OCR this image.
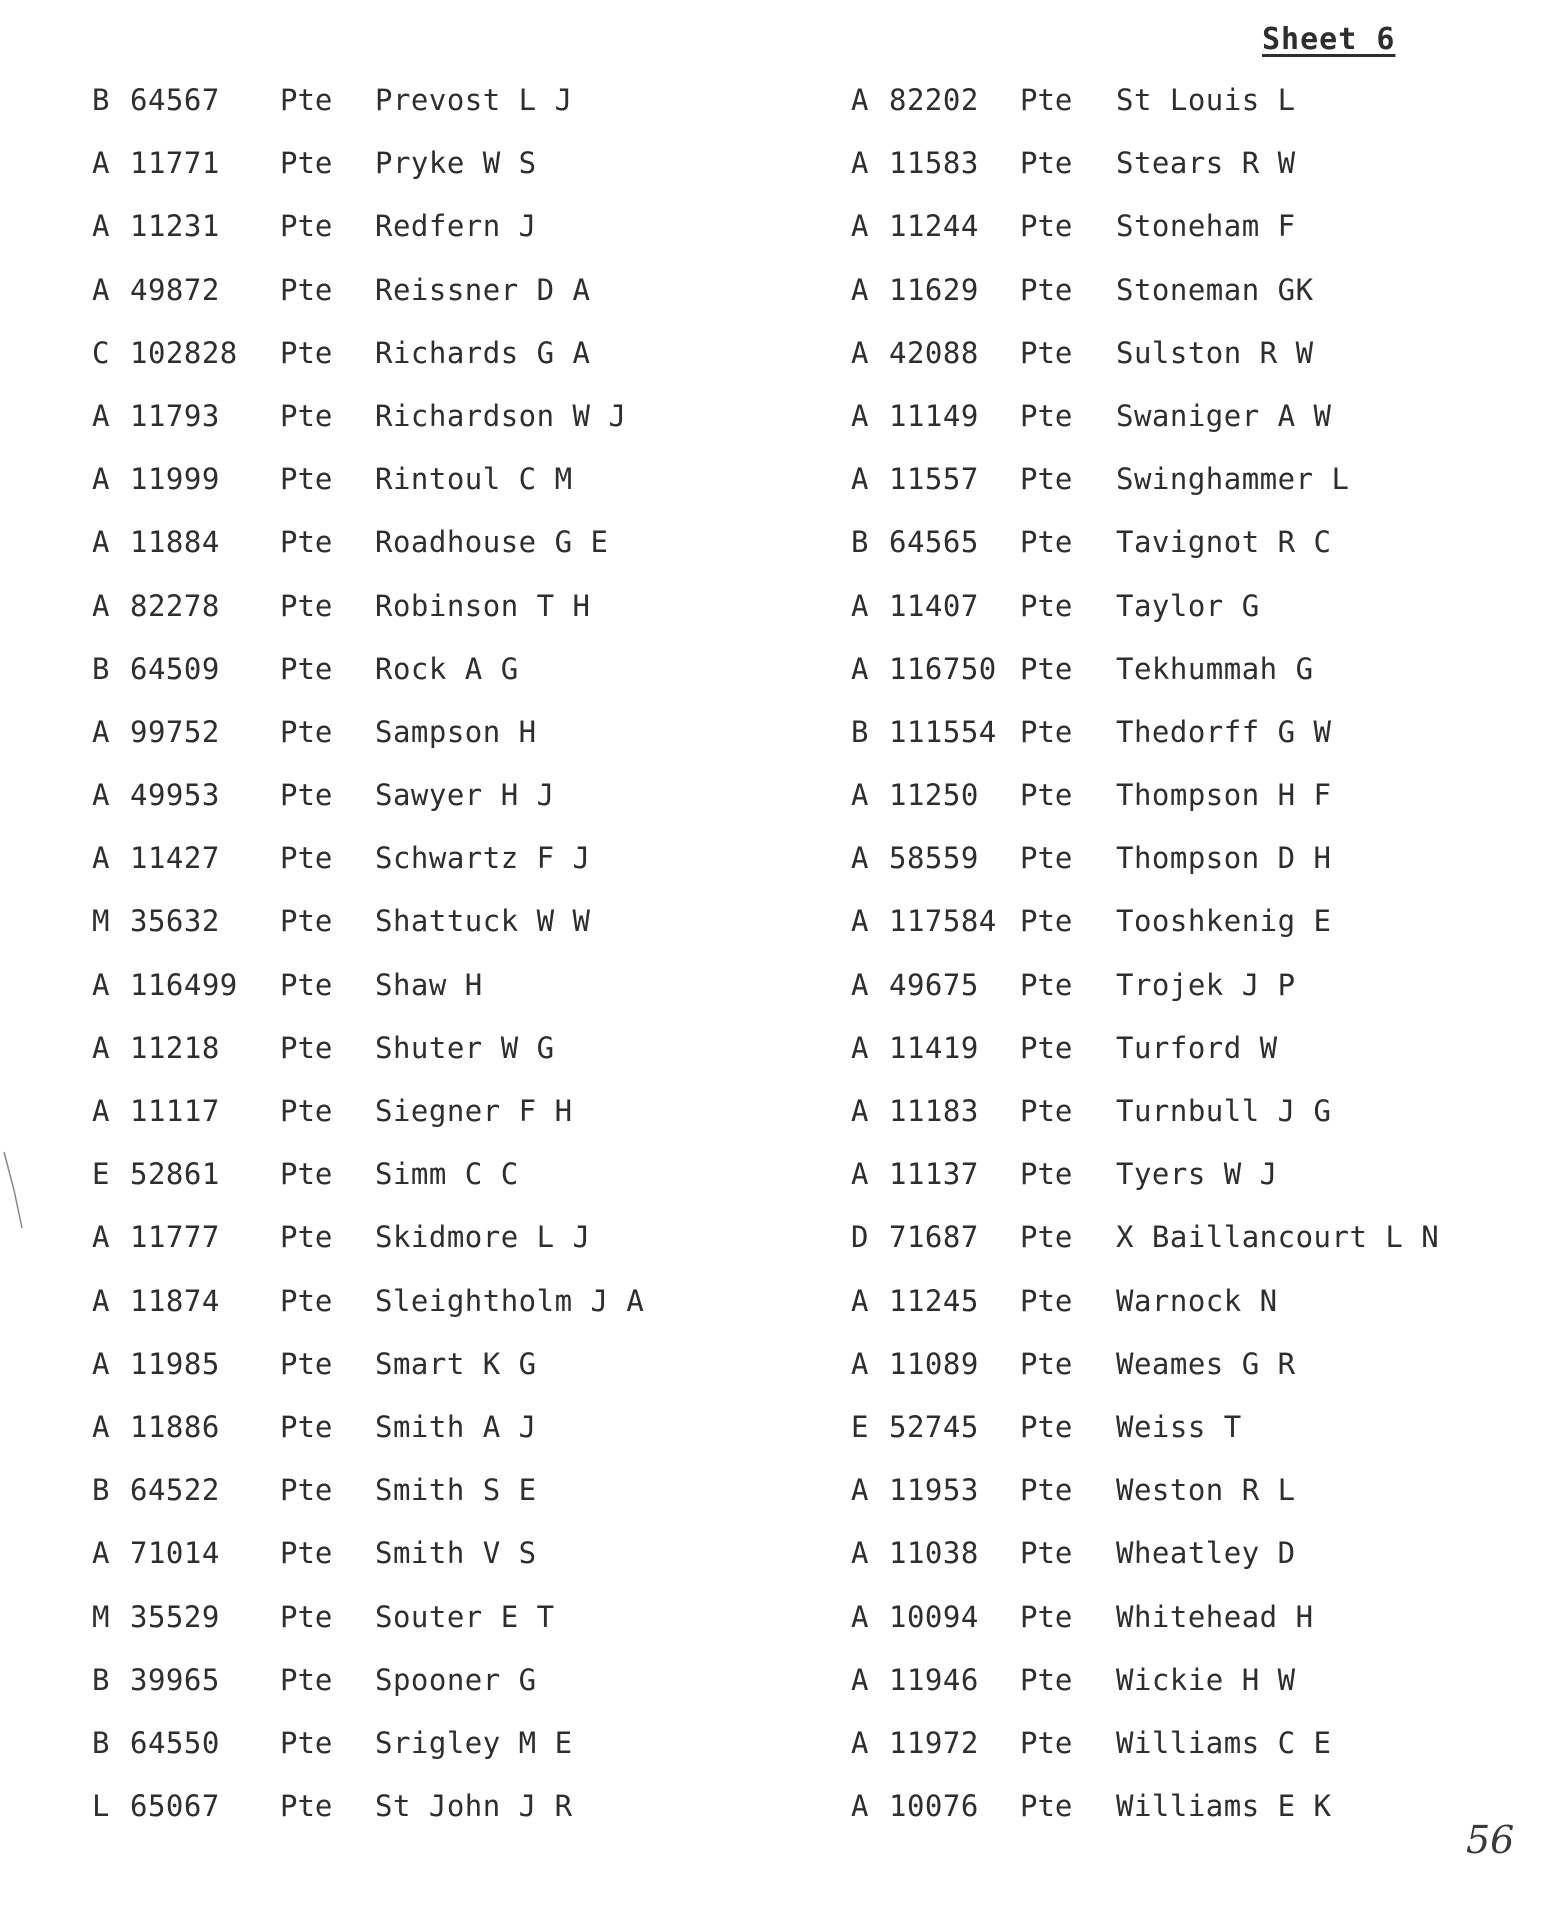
Sheet 6
B 64567 Pte Prevost L J
A 11771 Pte Pryke W S
A 11231 Pte Redfern J
A 49872 Pte Reissner D A
C 102828 Pte Richards G A
A 11793 Pte Richardson W J
A 11999 Pte Rintoul C M
A 11884 Pte Roadhouse G E
A 82278 Pte Robinson T H
B 64509 Pte Rock A G
A 99752 Pte Sampson H
A 49953 Pte Sawyer H J
A 11427 Pte Schwartz F J
M 35632 Pte Shattuck W W
A 116499 Pte Shaw H
A 11218 Pte Shuter W G
A 11117 Pte Siegner F H
E 52861 Pte Simm C C
A 11777 Pte Skidmore L J
A 11874 Pte Sleightholm J A
A 11985 Pte Smart K G
A 11886 Pte Smith A J
B 64522 Pte Smith S E
A 71014 Pte Smith V S
M 35529 Pte Souter E T
B 39965 Pte Spooner G
B 64550 Pte Srigley M E
L 65067 Pte St John J R
A 82202 Pte St Louis L
A 11583 Pte Stears R W
A 11244 Pte Stoneham F
A 11629 Pte Stoneman GK
A 42088 Pte Sulston R W
A 11149 Pte Swaniger A W
A 11557 Pte Swinghammer L
B 64565 Pte Tavignot R C
A 11407 Pte Taylor G
A 116750 Pte Tekhummah G
B 111554 Pte Thedorff G W
A 11250 Pte Thompson H F
A 58559 Pte Thompson D H
A 117584 Pte Tooshkenig E
A 49675 Pte Trojek J P
A 11419 Pte Turford W
A 11183 Pte Turnbull J G
A 11137 Pte Tyers W J
D 71687 Pte X Baillancourt L N
A 11245 Pte Warnock N
A 11089 Pte Weames G R
E 52745 Pte Weiss T
A 11953 Pte Weston R L
A 11038 Pte Wheatley D
A 10094 Pte Whitehead H
A 11946 Pte Wickie H W
A 11972 Pte Williams C E
A 10076 Pte Williams E K
56
